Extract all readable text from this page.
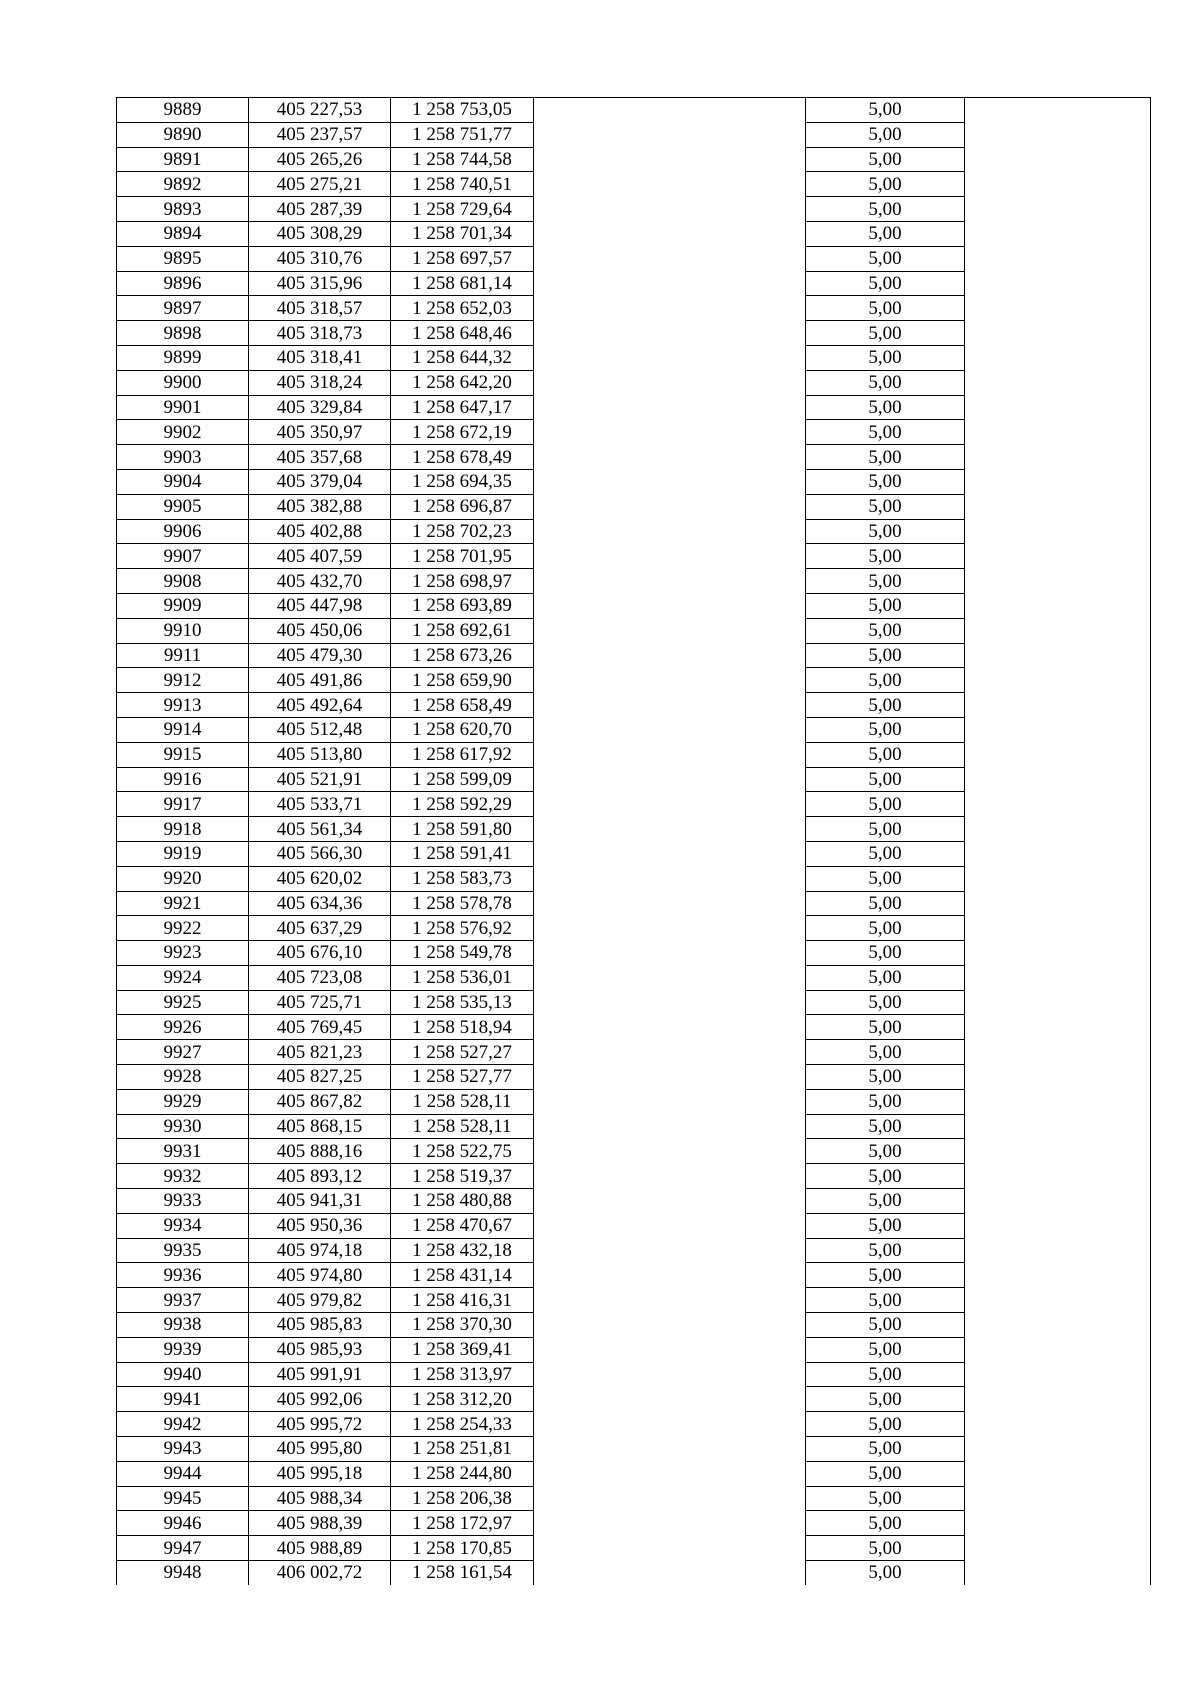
9889	405 227,53	1 258 753,05		5,00	
9890	405 237,57	1 258 751,77		5,00	
9891	405 265,26	1 258 744,58		5,00	
9892	405 275,21	1 258 740,51		5,00	
9893	405 287,39	1 258 729,64		5,00	
9894	405 308,29	1 258 701,34		5,00	
9895	405 310,76	1 258 697,57		5,00	
9896	405 315,96	1 258 681,14		5,00	
9897	405 318,57	1 258 652,03		5,00	
9898	405 318,73	1 258 648,46		5,00	
9899	405 318,41	1 258 644,32		5,00	
9900	405 318,24	1 258 642,20		5,00	
9901	405 329,84	1 258 647,17		5,00	
9902	405 350,97	1 258 672,19		5,00	
9903	405 357,68	1 258 678,49		5,00	
9904	405 379,04	1 258 694,35		5,00	
9905	405 382,88	1 258 696,87		5,00	
9906	405 402,88	1 258 702,23		5,00	
9907	405 407,59	1 258 701,95		5,00	
9908	405 432,70	1 258 698,97		5,00	
9909	405 447,98	1 258 693,89		5,00	
9910	405 450,06	1 258 692,61		5,00	
9911	405 479,30	1 258 673,26		5,00	
9912	405 491,86	1 258 659,90		5,00	
9913	405 492,64	1 258 658,49		5,00	
9914	405 512,48	1 258 620,70		5,00	
9915	405 513,80	1 258 617,92		5,00	
9916	405 521,91	1 258 599,09		5,00	
9917	405 533,71	1 258 592,29		5,00	
9918	405 561,34	1 258 591,80		5,00	
9919	405 566,30	1 258 591,41		5,00	
9920	405 620,02	1 258 583,73		5,00	
9921	405 634,36	1 258 578,78		5,00	
9922	405 637,29	1 258 576,92		5,00	
9923	405 676,10	1 258 549,78		5,00	
9924	405 723,08	1 258 536,01		5,00	
9925	405 725,71	1 258 535,13		5,00	
9926	405 769,45	1 258 518,94		5,00	
9927	405 821,23	1 258 527,27		5,00	
9928	405 827,25	1 258 527,77		5,00	
9929	405 867,82	1 258 528,11		5,00	
9930	405 868,15	1 258 528,11		5,00	
9931	405 888,16	1 258 522,75		5,00	
9932	405 893,12	1 258 519,37		5,00	
9933	405 941,31	1 258 480,88		5,00	
9934	405 950,36	1 258 470,67		5,00	
9935	405 974,18	1 258 432,18		5,00	
9936	405 974,80	1 258 431,14		5,00	
9937	405 979,82	1 258 416,31		5,00	
9938	405 985,83	1 258 370,30		5,00	
9939	405 985,93	1 258 369,41		5,00	
9940	405 991,91	1 258 313,97		5,00	
9941	405 992,06	1 258 312,20		5,00	
9942	405 995,72	1 258 254,33		5,00	
9943	405 995,80	1 258 251,81		5,00	
9944	405 995,18	1 258 244,80		5,00	
9945	405 988,34	1 258 206,38		5,00	
9946	405 988,39	1 258 172,97		5,00	
9947	405 988,89	1 258 170,85		5,00	
9948	406 002,72	1 258 161,54		5,00	
